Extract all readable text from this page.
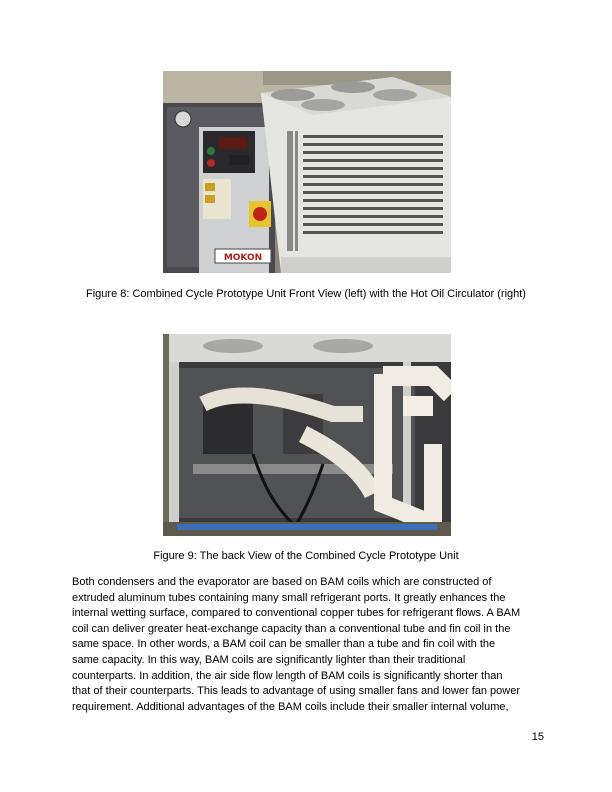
MOKON
Figure 8: Combined Cycle Prototype Unit Front View (left) with the Hot Oil Circulator (right)
Figure 9: The back View of the Combined Cycle Prototype Unit

Both condensers and the evaporator are based on BAM coils which are constructed of

extruded aluminum tubes containing many small refrigerant ports. It greatly enhances the

internal wetting surface, compared to conventional copper tubes for refrigerant flows. A BAM

coil can deliver greater heat-exchange capacity than a conventional tube and fin coil in the

same space. In other words, a BAM coil can be smaller than a tube and fin coil with the

same capacity. In this way, BAM coils are significantly lighter than their traditional

counterparts. In addition, the air side flow length of BAM coils is significantly shorter than

that of their counterparts. This leads to advantage of using smaller fans and lower fan power

requirement. Additional advantages of the BAM coils include their smaller internal volume,

15
